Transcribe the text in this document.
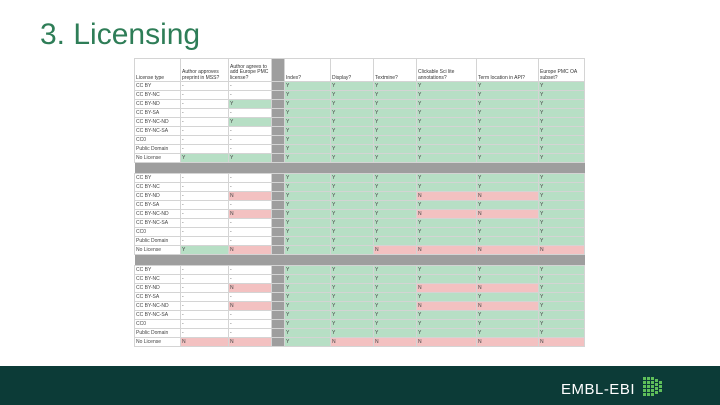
3. Licensing
License type	Author approves preprint in MSS?	Author agrees to add Europe PMC license?		Index?	Display?	Textmine?	Clickable Sci lite annotations?	Term location in API?	Europe PMC OA subset?
CC BY	-	-		Y	Y	Y	Y	Y	Y
CC BY-NC	-	-		Y	Y	Y	Y	Y	Y
CC BY-ND	-	Y		Y	Y	Y	Y	Y	Y
CC BY-SA	-	-		Y	Y	Y	Y	Y	Y
CC BY-NC-ND	-	Y		Y	Y	Y	Y	Y	Y
CC BY-NC-SA	-	-		Y	Y	Y	Y	Y	Y
CC0	-	-		Y	Y	Y	Y	Y	Y
Public Domain	-	-		Y	Y	Y	Y	Y	Y
No License	Y	Y		Y	Y	Y	Y	Y	Y

CC BY	-	-		Y	Y	Y	Y	Y	Y
CC BY-NC	-	-		Y	Y	Y	Y	Y	Y
CC BY-ND	-	N		Y	Y	Y	N	N	Y
CC BY-SA	-	-		Y	Y	Y	Y	Y	Y
CC BY-NC-ND	-	N		Y	Y	Y	N	N	Y
CC BY-NC-SA	-	-		Y	Y	Y	Y	Y	Y
CC0	-	-		Y	Y	Y	Y	Y	Y
Public Domain	-	-		Y	Y	Y	Y	Y	Y
No License	Y	N		Y	Y	N	N	N	N

CC BY	-	-		Y	Y	Y	Y	Y	Y
CC BY-NC	-	-		Y	Y	Y	Y	Y	Y
CC BY-ND	-	N		Y	Y	Y	N	N	Y
CC BY-SA	-	-		Y	Y	Y	Y	Y	Y
CC BY-NC-ND	-	N		Y	Y	Y	N	N	Y
CC BY-NC-SA	-	-		Y	Y	Y	Y	Y	Y
CC0	-	-		Y	Y	Y	Y	Y	Y
Public Domain	-	-		Y	Y	Y	Y	Y	Y
No License	N	N		Y	N	N	N	N	N
EMBL-EBI
